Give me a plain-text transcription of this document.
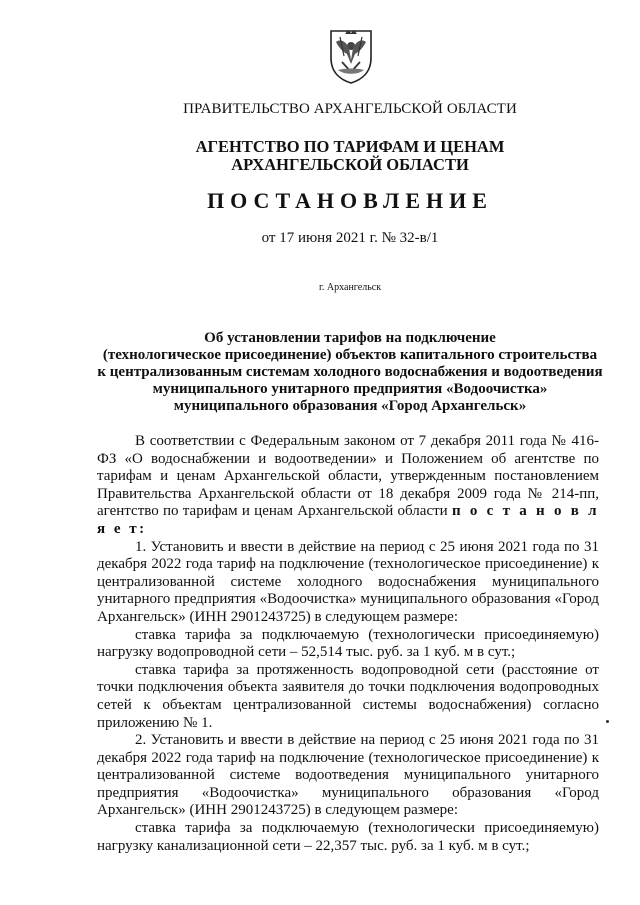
ПРАВИТЕЛЬСТВО АРХАНГЕЛЬСКОЙ ОБЛАСТИ
АГЕНТСТВО ПО ТАРИФАМ И ЦЕНАМ
АРХАНГЕЛЬСКОЙ ОБЛАСТИ
ПОСТАНОВЛЕНИЕ
от 17 июня 2021 г. № 32-в/1
г. Архангельск
Об установлении тарифов на подключение
(технологическое присоединение) объектов капитального строительства
к централизованным системам холодного водоснабжения и водоотведения
муниципального унитарного предприятия «Водоочистка»
муниципального образования «Город Архангельск»

В соответствии с Федеральным законом от 7 декабря 2011 года № 416-ФЗ «О водоснабжении и водоотведении» и Положением об агентстве по тарифам и ценам Архангельской области, утвержденным постановлением Правительства Архангельской области от 18 декабря 2009 года № 214-пп, агентство по тарифам и ценам Архангельской области п о с т а н о в л я е т:

1. Установить и ввести в действие на период с 25 июня 2021 года по 31 декабря 2022 года тариф на подключение (технологическое присоединение) к централизованной системе холодного водоснабжения муниципального унитарного предприятия «Водоочистка» муниципального образования «Город Архангельск» (ИНН 2901243725) в следующем размере:

ставка тарифа за подключаемую (технологически присоединяемую) нагрузку водопроводной сети – 52,514 тыс. руб. за 1 куб. м в сут.;

ставка тарифа за протяженность водопроводной сети (расстояние от точки подключения объекта заявителя до точки подключения водопроводных сетей к объектам централизованной системы водоснабжения) согласно приложению № 1.

2. Установить и ввести в действие на период с 25 июня 2021 года по 31 декабря 2022 года тариф на подключение (технологическое присоединение) к централизованной системе водоотведения муниципального унитарного предприятия «Водоочистка» муниципального образования «Город Архангельск» (ИНН 2901243725) в следующем размере:

ставка тарифа за подключаемую (технологически присоединяемую) нагрузку канализационной сети – 22,357 тыс. руб. за 1 куб. м в сут.;
